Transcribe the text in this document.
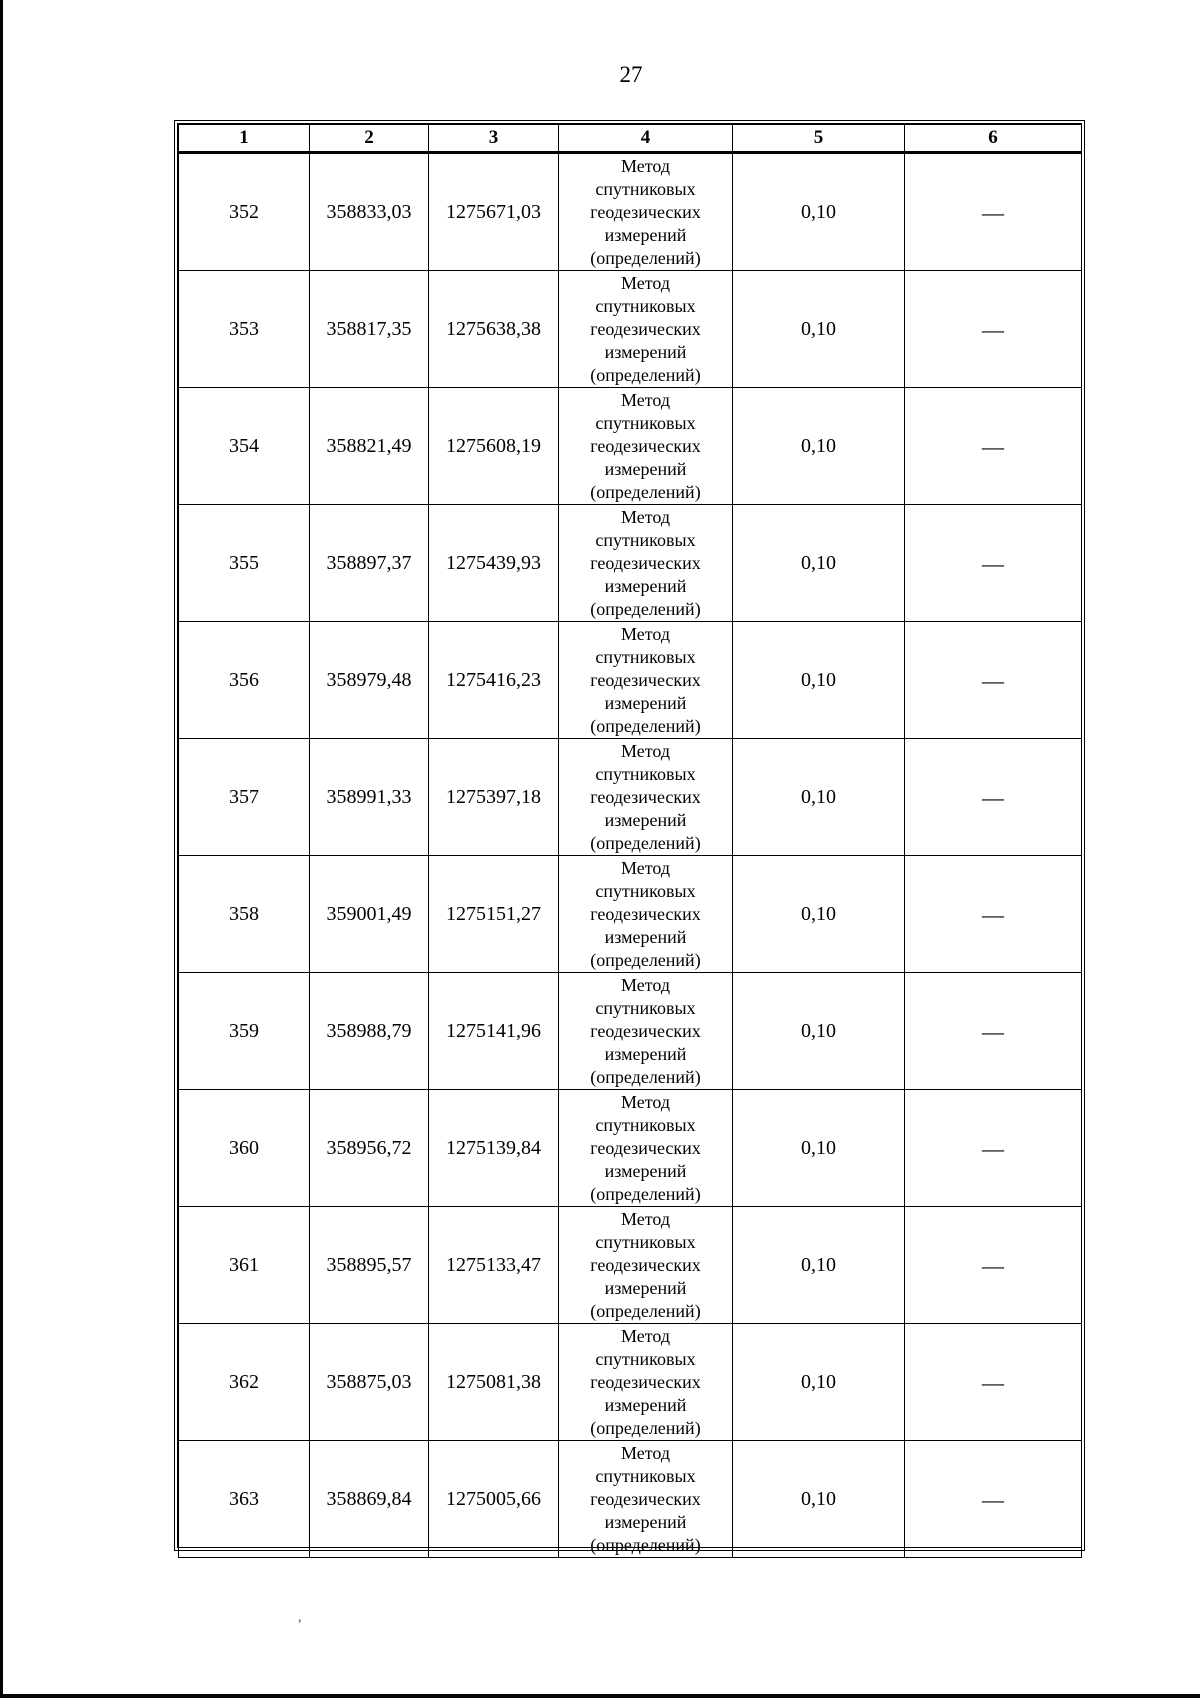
27
1	2	3	4	5	6
352	358833,03	1275671,03	Метод
спутниковых
геодезических
измерений
(определений)	0,10	—
353	358817,35	1275638,38	Метод
спутниковых
геодезических
измерений
(определений)	0,10	—
354	358821,49	1275608,19	Метод
спутниковых
геодезических
измерений
(определений)	0,10	—
355	358897,37	1275439,93	Метод
спутниковых
геодезических
измерений
(определений)	0,10	—
356	358979,48	1275416,23	Метод
спутниковых
геодезических
измерений
(определений)	0,10	—
357	358991,33	1275397,18	Метод
спутниковых
геодезических
измерений
(определений)	0,10	—
358	359001,49	1275151,27	Метод
спутниковых
геодезических
измерений
(определений)	0,10	—
359	358988,79	1275141,96	Метод
спутниковых
геодезических
измерений
(определений)	0,10	—
360	358956,72	1275139,84	Метод
спутниковых
геодезических
измерений
(определений)	0,10	—
361	358895,57	1275133,47	Метод
спутниковых
геодезических
измерений
(определений)	0,10	—
362	358875,03	1275081,38	Метод
спутниковых
геодезических
измерений
(определений)	0,10	—
363	358869,84	1275005,66	Метод
спутниковых
геодезических
измерений
(определений)	0,10	—
,
